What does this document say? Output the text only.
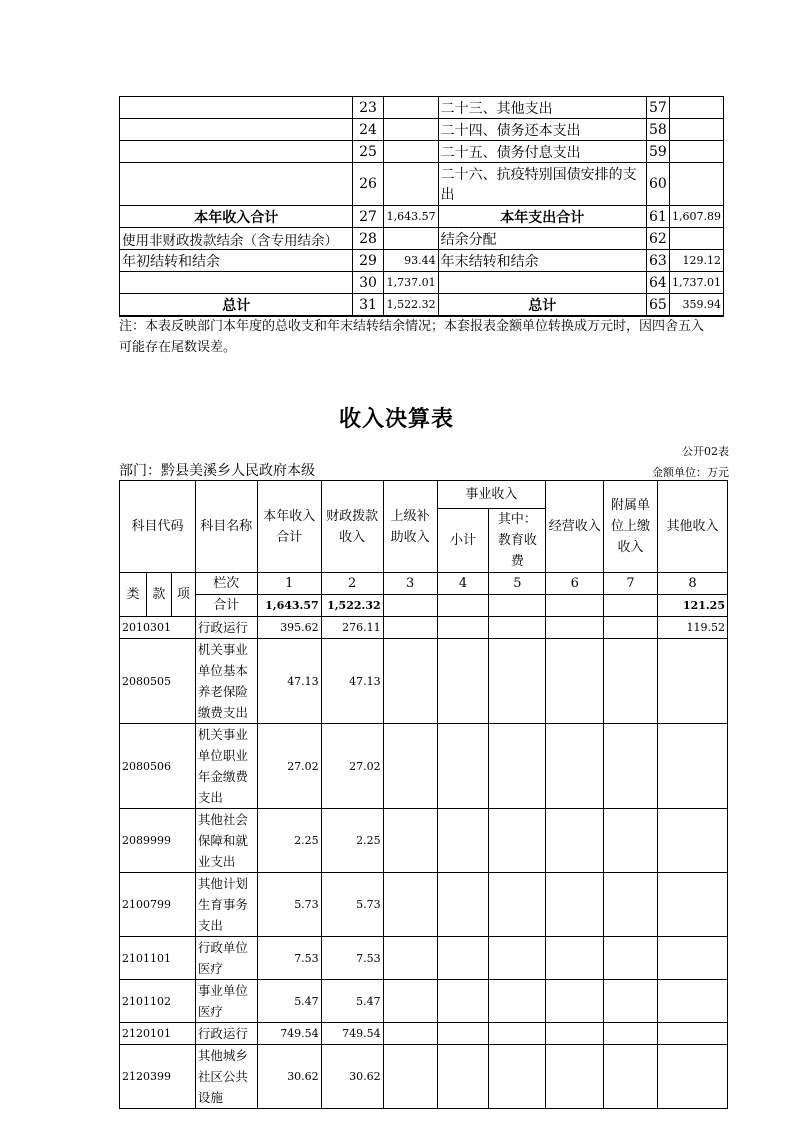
	23		二十三、其他支出	57	
	24		二十四、债务还本支出	58	
	25		二十五、债务付息支出	59	
	26		二十六、抗疫特别国债安排的支出	60	
本年收入合计	27	1,643.57	本年支出合计	61	1,607.89
使用非财政拨款结余（含专用结余）	28		结余分配	62	
年初结转和结余	29	93.44	年末结转和结余	63	129.12
	30	1,737.01		64	1,737.01
总计	31	1,522.32	总计	65	359.94
注：本表反映部门本年度的总收支和年末结转结余情况；本套报表金额单位转换成万元时，因四舍五入
可能存在尾数误差。
收入决算表
公开02表
部门：黔县美溪乡人民政府本级	金额单位：万元
科目代码			科目名称	本年收入合计	财政拨款收入	上级补助收入	事业收入		经营收入	附属单位上缴收入	其他收入
							小计	其中：教育收费			
类	款	项	栏次	1	2	3	4	5	6	7	8
			合计	1,643.57	1,522.32						121.25
2010301			行政运行	395.62	276.11						119.52
2080505			机关事业单位基本养老保险缴费支出	47.13	47.13						
2080506			机关事业单位职业年金缴费支出	27.02	27.02						
2089999			其他社会保障和就业支出	2.25	2.25						
2100799			其他计划生育事务支出	5.73	5.73						
2101101			行政单位医疗	7.53	7.53						
2101102			事业单位医疗	5.47	5.47						
2120101			行政运行	749.54	749.54						
2120399			其他城乡社区公共设施	30.62	30.62						
